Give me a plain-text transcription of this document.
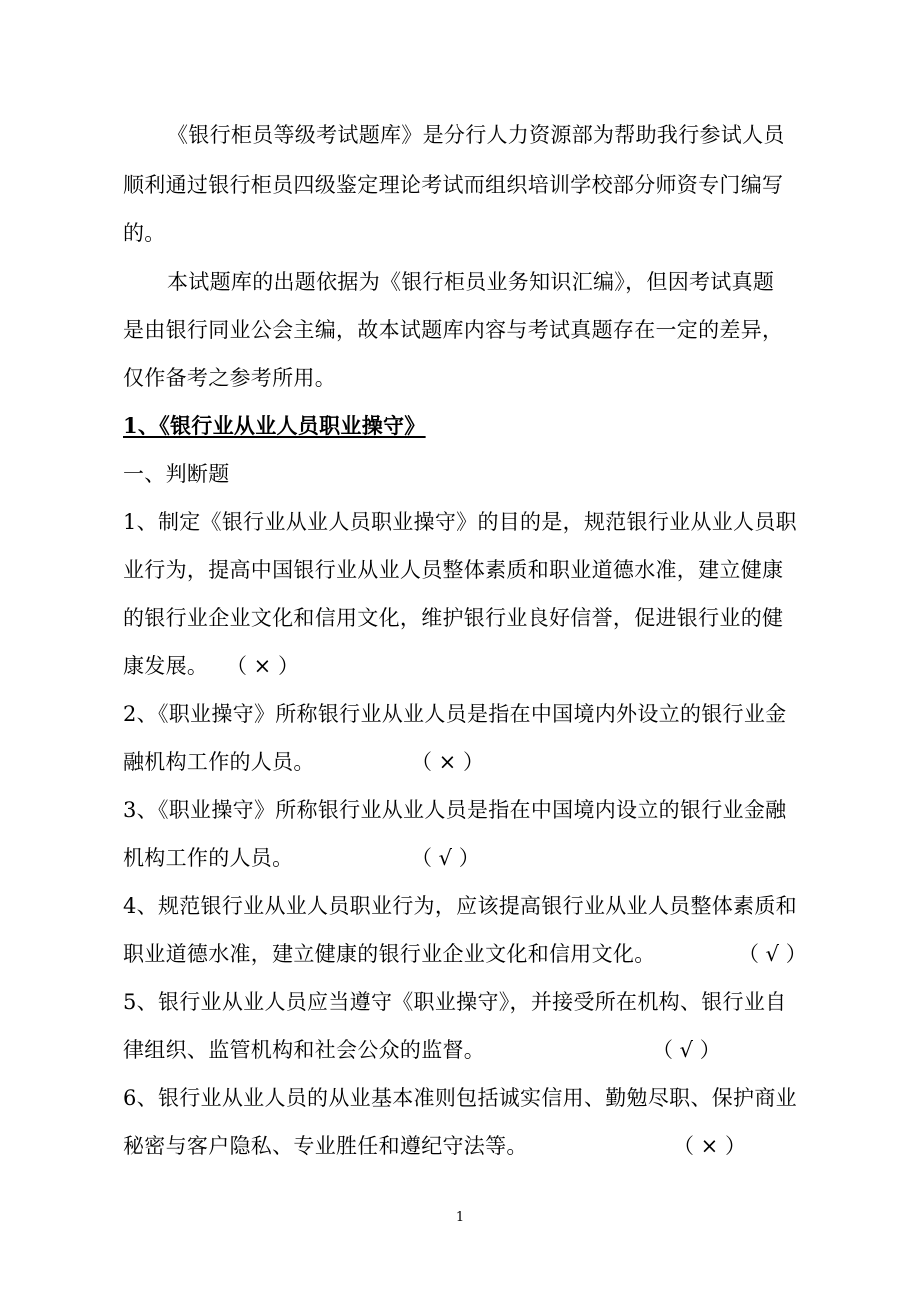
《银行柜员等级考试题库》是分行人力资源部为帮助我行参试人员
顺利通过银行柜员四级鉴定理论考试而组织培训学校部分师资专门编写
的。
本试题库的出题依据为《银行柜员业务知识汇编》，但因考试真题
是由银行同业公会主编，故本试题库内容与考试真题存在一定的差异，
仅作备考之参考所用。
1、《银行业从业人员职业操守》
一、判断题
1、制定《银行业从业人员职业操守》的目的是，规范银行业从业人员职
业行为，提高中国银行业从业人员整体素质和职业道德水准，建立健康
的银行业企业文化和信用文化，维护银行业良好信誉，促进银行业的健
康发展。 （ × ）
2、《职业操守》所称银行业从业人员是指在中国境内外设立的银行业金
融机构工作的人员。	（ × ）
3、《职业操守》所称银行业从业人员是指在中国境内设立的银行业金融
机构工作的人员。	（ √ ）
4、规范银行业从业人员职业行为，应该提高银行业从业人员整体素质和
职业道德水准，建立健康的银行业企业文化和信用文化。	（ √ ）
5、银行业从业人员应当遵守《职业操守》，并接受所在机构、银行业自
律组织、监管机构和社会公众的监督。	（ √ ）
6、银行业从业人员的从业基本准则包括诚实信用、勤勉尽职、保护商业
秘密与客户隐私、专业胜任和遵纪守法等。	（ × ）
1
